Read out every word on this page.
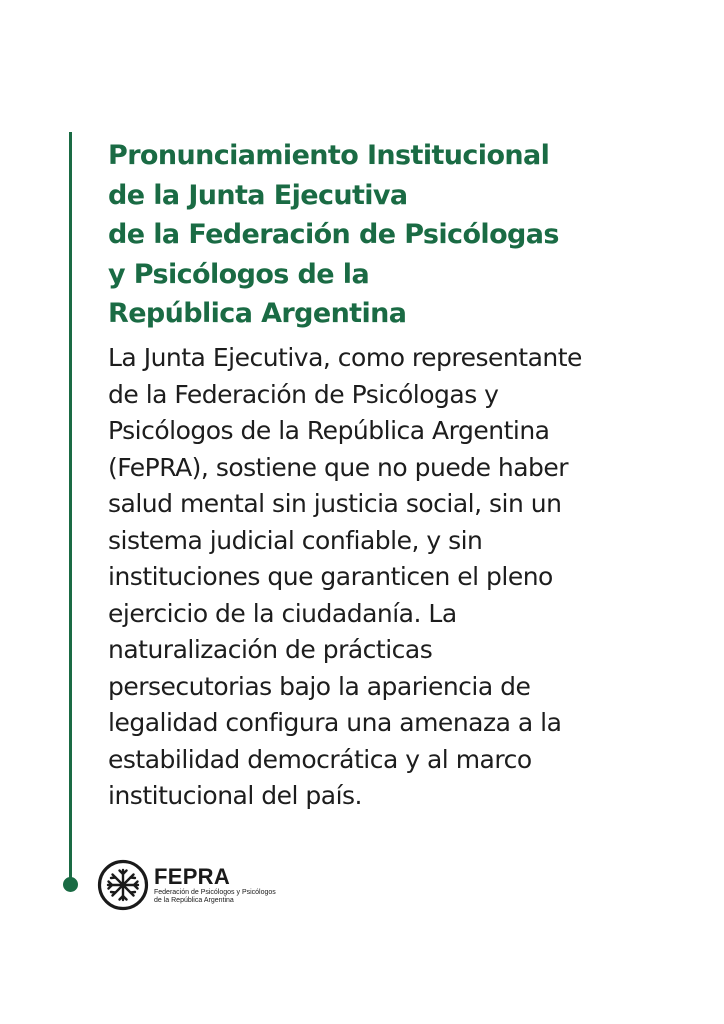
Pronunciamiento Institucional
de la Junta Ejecutiva
de la Federación de Psicólogas
y Psicólogos de la
República Argentina

La Junta Ejecutiva, como representante
de la Federación de Psicólogas y
Psicólogos de la República Argentina
(FePRA), sostiene que no puede haber
salud mental sin justicia social, sin un
sistema judicial confiable, y sin
instituciones que garanticen el pleno
ejercicio de la ciudadanía. La
naturalización de prácticas
persecutorias bajo la apariencia de
legalidad configura una amenaza a la
estabilidad democrática y al marco
institucional del país.

FEPRA
Federación de Psicólogos y Psicólogos
de la República Argentina
